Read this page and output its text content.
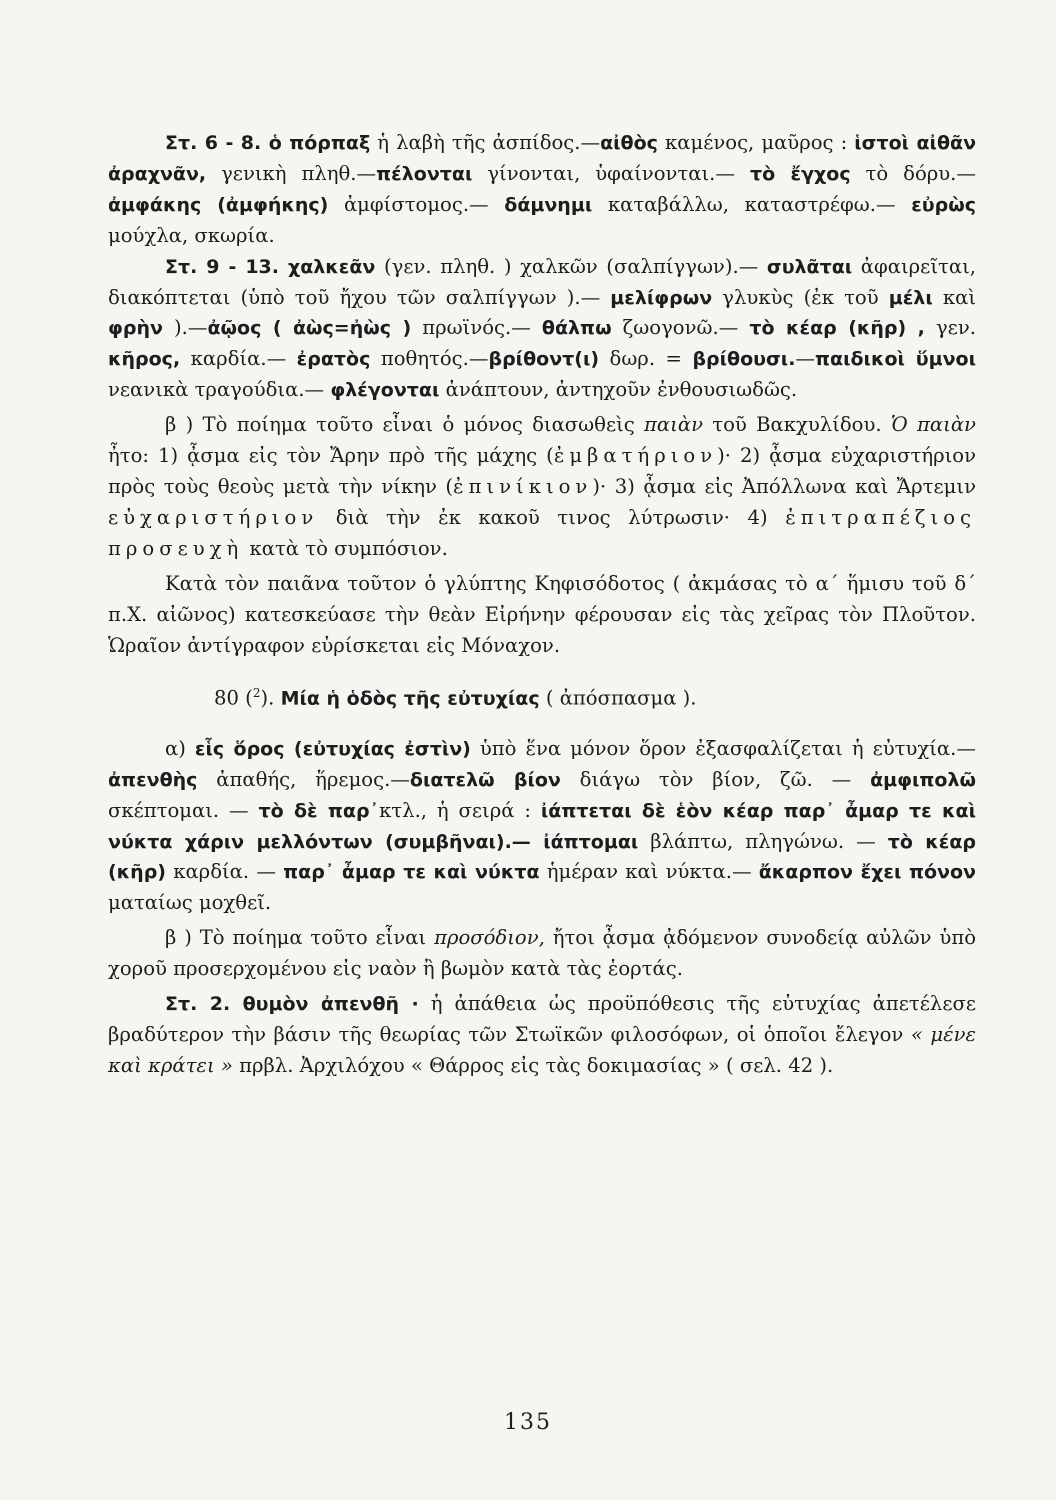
Στ. 6 - 8. ὁ πόρπαξ ἡ λαβὴ τῆς ἀσπίδος.—αἰθὸς καμένος, μαῦρος : ἱστοὶ αἰθᾶν ἀραχνᾶν, γενικὴ πληθ.—πέλονται γίνονται, ὑφαίνονται.— τὸ ἔγχος τὸ δόρυ.— ἀμφάκης (ἀμφήκης) ἀμφίστομος.— δάμνημι καταβάλλω, καταστρέφω.— εὐρὼς μούχλα, σκωρία.

Στ. 9 - 13. χαλκεᾶν (γεν. πληθ. ) χαλκῶν (σαλπίγγων).— συλᾶται ἀφαιρεῖται, διακόπτεται (ὑπὸ τοῦ ἤχου τῶν σαλπίγγων ).— μελίφρων γλυκὺς (ἐκ τοῦ μέλι καὶ φρὴν ).—ἀῷος ( ἀὼς=ἠὼς ) πρωϊνός.— θάλπω ζωογονῶ.— τὸ κέαρ (κῆρ) , γεν. κῆρος, καρδία.— ἐρατὸς ποθητός.—βρίθοντ(ι) δωρ. = βρίθουσι.—παιδικοὶ ὕμνοι νεανικὰ τραγούδια.— φλέγονται ἀνάπτουν, ἀντηχοῦν ἐνθουσιωδῶς.

β ) Τὸ ποίημα τοῦτο εἶναι ὁ μόνος διασωθεὶς παιὰν τοῦ Βακχυλίδου. Ὁ παιὰν ἦτο: 1) ᾆσμα εἰς τὸν Ἄρην πρὸ τῆς μάχης (ἐμβατήριον)· 2) ᾆσμα εὐχαριστήριον πρὸς τοὺς θεοὺς μετὰ τὴν νίκην (ἐπινίκιον)· 3) ᾆσμα εἰς Ἀπόλλωνα καὶ Ἄρτεμιν εὐχαριστήριον διὰ τὴν ἐκ κακοῦ τινος λύτρωσιν· 4) ἐπιτραπέζιος προσευχὴ κατὰ τὸ συμπόσιον.

Κατὰ τὸν παιᾶνα τοῦτον ὁ γλύπτης Κηφισόδοτος ( ἀκμάσας τὸ α΄ ἥμισυ τοῦ δ΄ π.Χ. αἰῶνος) κατεσκεύασε τὴν θεὰν Εἰρήνην φέρουσαν εἰς τὰς χεῖρας τὸν Πλοῦτον. Ὡραῖον ἀντίγραφον εὑρίσκεται εἰς Μόναχον.

80 ($^2$). Μία ἡ ὁδὸς τῆς εὐτυχίας ( ἀπόσπασμα ).

α) εἷς ὅρος (εὐτυχίας ἐστὶν) ὑπὸ ἕνα μόνον ὅρον ἐξασφαλίζεται ἡ εὐτυχία.—ἀπενθὴς ἀπαθής, ἥρεμος.—διατελῶ βίον διάγω τὸν βίον, ζῶ. — ἀμφιπολῶ σκέπτομαι. — τὸ δὲ παρ᾽κτλ., ἡ σειρά : ἰάπτεται δὲ ἑὸν κέαρ παρ᾽ ἆμαρ τε καὶ νύκτα χάριν μελλόντων (συμβῆναι).— ἰάπτομαι βλάπτω, πληγώνω. — τὸ κέαρ (κῆρ) καρδία. — παρ᾽ ἆμαρ τε καὶ νύκτα ἡμέραν καὶ νύκτα.— ἄκαρπον ἔχει πόνον ματαίως μοχθεῖ.

β ) Τὸ ποίημα τοῦτο εἶναι προσόδιον, ἤτοι ᾆσμα ᾀδόμενον συνοδείᾳ αὐλῶν ὑπὸ χοροῦ προσερχομένου εἰς ναὸν ἢ βωμὸν κατὰ τὰς ἑορτάς.

Στ. 2. θυμὸν ἀπενθῆ · ἡ ἀπάθεια ὡς προϋπόθεσις τῆς εὐτυχίας ἀπετέλεσε βραδύτερον τὴν βάσιν τῆς θεωρίας τῶν Στωϊκῶν φιλοσόφων, οἱ ὁποῖοι ἔλεγον « μένε καὶ κράτει » πρβλ. Ἀρχιλόχου « Θάρρος εἰς τὰς δοκιμασίας » ( σελ. 42 ).

135
